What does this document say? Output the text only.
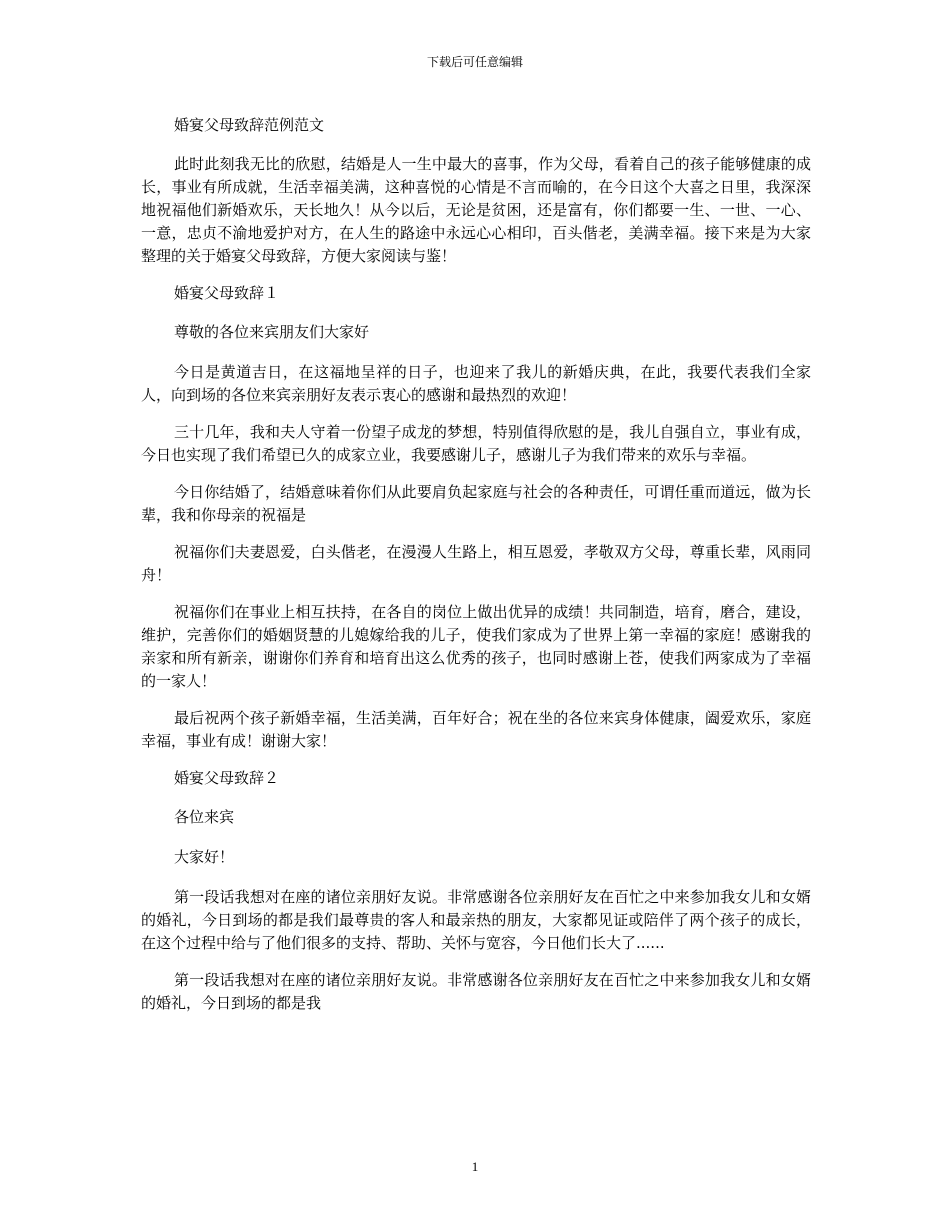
下载后可任意编辑

婚宴父母致辞范例范文

此时此刻我无比的欣慰，结婚是人一生中最大的喜事，作为父母，看着自己的孩子能够健康的成长，事业有所成就，生活幸福美满，这种喜悦的心情是不言而喻的，在今日这个大喜之日里，我深深地祝福他们新婚欢乐，天长地久！从今以后，无论是贫困，还是富有，你们都要一生、一世、一心、一意，忠贞不渝地爱护对方，在人生的路途中永远心心相印，百头偕老，美满幸福。接下来是为大家整理的关于婚宴父母致辞，方便大家阅读与鉴！

婚宴父母致辞１

尊敬的各位来宾朋友们大家好

今日是黄道吉日，在这福地呈祥的日子，也迎来了我儿的新婚庆典，在此，我要代表我们全家人，向到场的各位来宾亲朋好友表示衷心的感谢和最热烈的欢迎！

三十几年，我和夫人守着一份望子成龙的梦想，特别值得欣慰的是，我儿自强自立，事业有成，今日也实现了我们希望已久的成家立业，我要感谢儿子，感谢儿子为我们带来的欢乐与幸福。

今日你结婚了，结婚意味着你们从此要肩负起家庭与社会的各种责任，可谓任重而道远，做为长辈，我和你母亲的祝福是

祝福你们夫妻恩爱，白头偕老，在漫漫人生路上，相互恩爱，孝敬双方父母，尊重长辈，风雨同舟！

祝福你们在事业上相互扶持，在各自的岗位上做出优异的成绩！共同制造，培育，磨合，建设，维护，完善你们的婚姻贤慧的儿媳嫁给我的儿子，使我们家成为了世界上第一幸福的家庭！感谢我的亲家和所有新亲，谢谢你们养育和培育出这么优秀的孩子，也同时感谢上苍，使我们两家成为了幸福的一家人！

最后祝两个孩子新婚幸福，生活美满，百年好合；祝在坐的各位来宾身体健康，阖爱欢乐，家庭幸福，事业有成！谢谢大家！

婚宴父母致辞２

各位来宾

大家好！

第一段话我想对在座的诸位亲朋好友说。非常感谢各位亲朋好友在百忙之中来参加我女儿和女婿的婚礼，今日到场的都是我们最尊贵的客人和最亲热的朋友，大家都见证或陪伴了两个孩子的成长，在这个过程中给与了他们很多的支持、帮助、关怀与宽容，今日他们长大了......

第一段话我想对在座的诸位亲朋好友说。非常感谢各位亲朋好友在百忙之中来参加我女儿和女婿的婚礼，今日到场的都是我

1
